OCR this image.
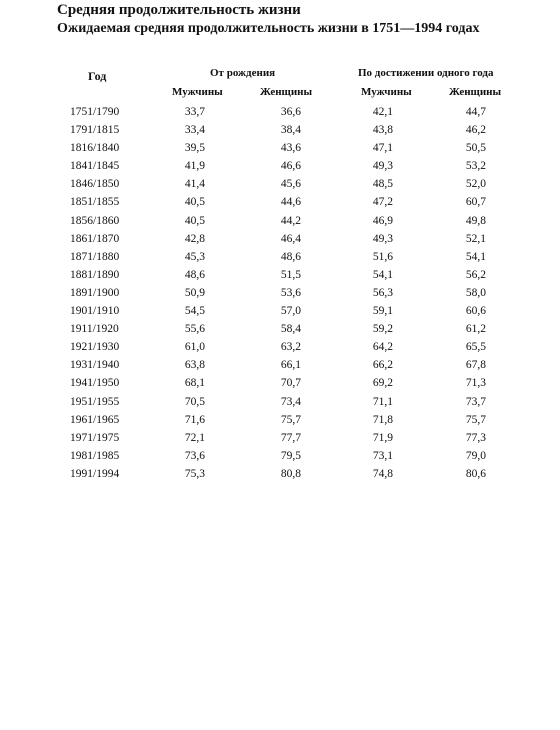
Средняя продолжительность жизни
Ожидаемая средняя продолжительность жизни в 1751—1994 годах
Год	От рождения	По достижении одного года
Мужчины	Женщины	Мужчины	Женщины
1751/1790	33,7	36,6	42,1	44,7
1791/1815	33,4	38,4	43,8	46,2
1816/1840	39,5	43,6	47,1	50,5
1841/1845	41,9	46,6	49,3	53,2
1846/1850	41,4	45,6	48,5	52,0
1851/1855	40,5	44,6	47,2	60,7
1856/1860	40,5	44,2	46,9	49,8
1861/1870	42,8	46,4	49,3	52,1
1871/1880	45,3	48,6	51,6	54,1
1881/1890	48,6	51,5	54,1	56,2
1891/1900	50,9	53,6	56,3	58,0
1901/1910	54,5	57,0	59,1	60,6
1911/1920	55,6	58,4	59,2	61,2
1921/1930	61,0	63,2	64,2	65,5
1931/1940	63,8	66,1	66,2	67,8
1941/1950	68,1	70,7	69,2	71,3
1951/1955	70,5	73,4	71,1	73,7
1961/1965	71,6	75,7	71,8	75,7
1971/1975	72,1	77,7	71,9	77,3
1981/1985	73,6	79,5	73,1	79,0
1991/1994	75,3	80,8	74,8	80,6
